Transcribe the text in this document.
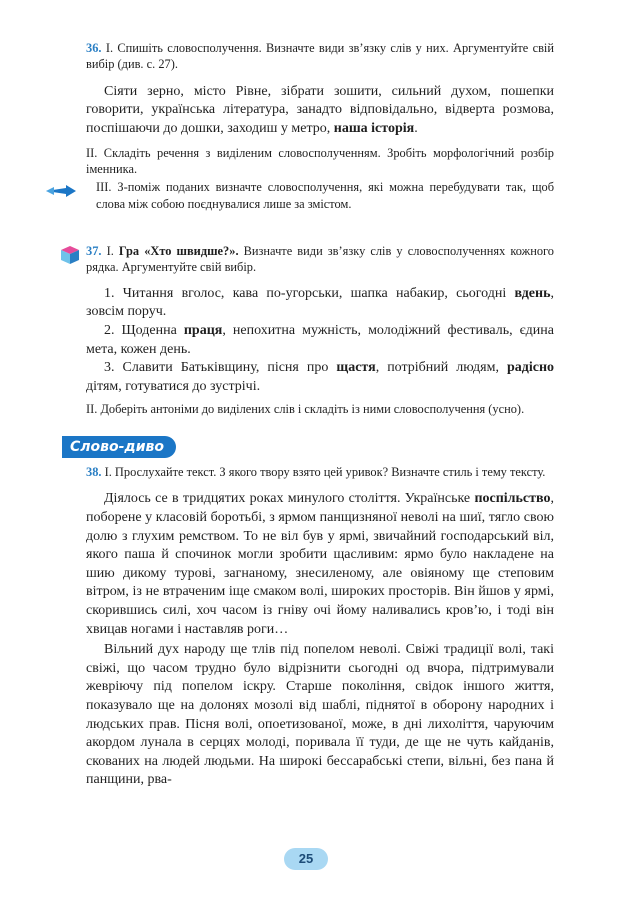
36. І. Спишіть словосполучення. Визначте види зв’язку слів у них. Аргументуйте свій вибір (див. с. 27).

Сіяти зерно, місто Рівне, зібрати зошити, сильний духом, пошепки говорити, українська література, занадто відповідально, відверта розмова, поспішаючи до дошки, заходиш у метро, наша історія.

ІІ. Складіть речення з виділеним словосполученням. Зробіть морфологічний розбір іменника.

ІІІ. З-поміж поданих визначте словосполучення, які можна перебудувати так, щоб слова між собою поєднувалися лише за змістом.

37. І. Гра «Хто швидше?». Визначте види зв’язку слів у словосполученнях кожного рядка. Аргументуйте свій вибір.

1. Читання вголос, кава по-угорськи, шапка набакир, сьогодні вдень, зовсім поруч.

2. Щоденна праця, непохитна мужність, молодіжний фестиваль, єдина мета, кожен день.

3. Славити Батьківщину, пісня про щастя, потрібний людям, радісно дітям, готуватися до зустрічі.

ІІ. Доберіть антоніми до виділених слів і складіть із ними словосполучення (усно).

Слово-диво

38. І. Прослухайте текст. З якого твору взято цей уривок? Визначте стиль і тему тексту.

Діялось се в тридцятих роках минулого століття. Українське поспільство, поборене у класовій боротьбі, з ярмом панщизняної неволі на шиї, тягло свою долю з глухим ремством. То не віл був у ярмі, звичайний господарський віл, якого паша й спочинок могли зробити щасливим: ярмо було накладене на шию дикому турові, загнаному, знесиленому, але овіяному ще степовим вітром, із не втраченим іще смаком волі, широких просторів. Він йшов у ярмі, скорившись силі, хоч часом із гніву очі йому наливались кров’ю, і тоді він хвицав ногами і наставляв роги…

Вільний дух народу ще тлів під попелом неволі. Свіжі традиції волі, такі свіжі, що часом трудно було відрізнити сьогодні од вчора, підтримували жевріючу під попелом іскру. Старше покоління, свідок іншого життя, показувало ще на долонях мозолі від шаблі, піднятої в оборону народних і людських прав. Пісня волі, опоетизованої, може, в дні лихоліття, чаруючим акордом лунала в серцях молоді, поривала її туди, де ще не чуть кайданів, скованих на людей людьми. На широкі бессарабські степи, вільні, без пана й панщини, рва-

25
